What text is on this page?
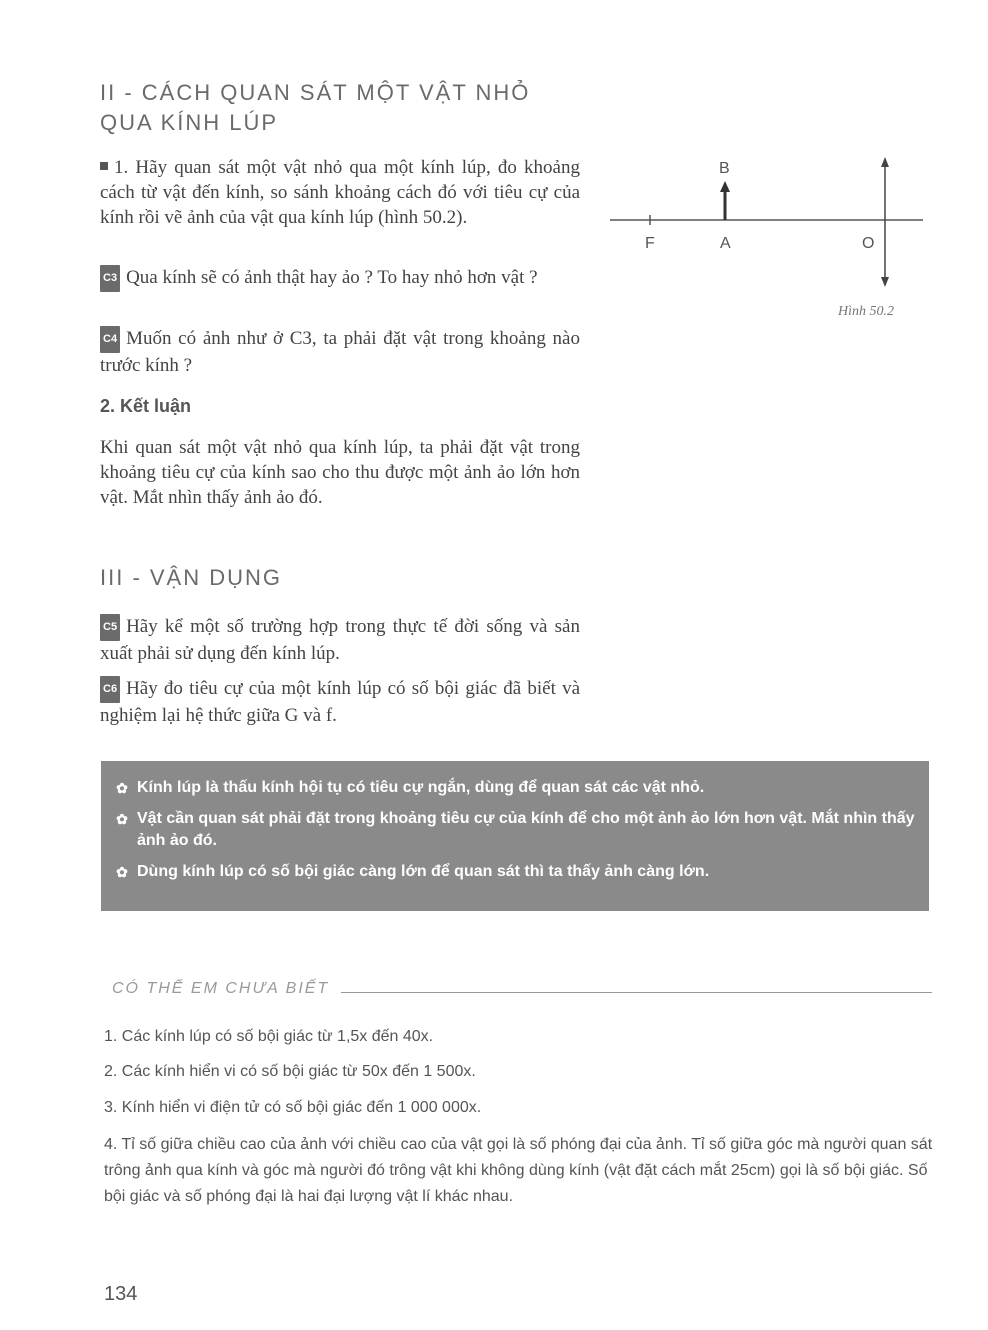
II - CÁCH QUAN SÁT MỘT VẬT NHỎ QUA KÍNH LÚP

1. Hãy quan sát một vật nhỏ qua một kính lúp, đo khoảng cách từ vật đến kính, so sánh khoảng cách đó với tiêu cự của kính rồi vẽ ảnh của vật qua kính lúp (hình 50.2).

C3 Qua kính sẽ có ảnh thật hay ảo ? To hay nhỏ hơn vật ?

C4 Muốn có ảnh như ở C3, ta phải đặt vật trong khoảng nào trước kính ?

2. Kết luận

Khi quan sát một vật nhỏ qua kính lúp, ta phải đặt vật trong khoảng tiêu cự của kính sao cho thu được một ảnh ảo lớn hơn vật. Mắt nhìn thấy ảnh ảo đó.

B
F	A	O
Hình 50.2
III - VẬN DỤNG

C5 Hãy kể một số trường hợp trong thực tế đời sống và sản xuất phải sử dụng đến kính lúp.

C6 Hãy đo tiêu cự của một kính lúp có số bội giác đã biết và nghiệm lại hệ thức giữa G và f.

✿ Kính lúp là thấu kính hội tụ có tiêu cự ngắn, dùng để quan sát các vật nhỏ.
✿ Vật cần quan sát phải đặt trong khoảng tiêu cự của kính để cho một ảnh ảo lớn hơn vật. Mắt nhìn thấy ảnh ảo đó.
✿ Dùng kính lúp có số bội giác càng lớn để quan sát thì ta thấy ảnh càng lớn.
CÓ THỂ EM CHƯA BIẾT

1. Các kính lúp có số bội giác từ 1,5x đến 40x.

2. Các kính hiển vi có số bội giác từ 50x đến 1 500x.

3. Kính hiển vi điện tử có số bội giác đến 1 000 000x.

4. Tỉ số giữa chiều cao của ảnh với chiều cao của vật gọi là số phóng đại của ảnh. Tỉ số giữa góc mà người quan sát trông ảnh qua kính và góc mà người đó trông vật khi không dùng kính (vật đặt cách mắt 25cm) gọi là số bội giác. Số bội giác và số phóng đại là hai đại lượng vật lí khác nhau.

134
